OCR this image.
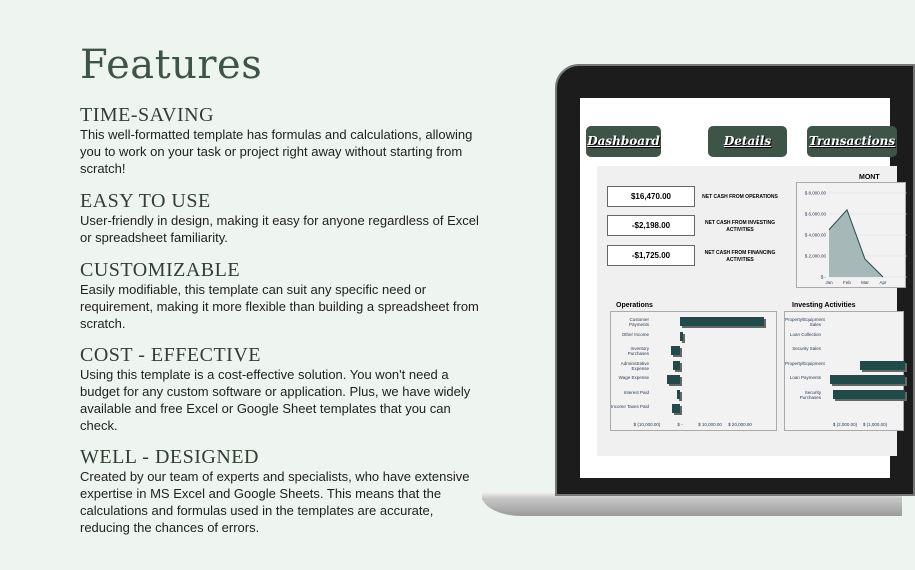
Features
TIME-SAVING

This well-formatted template has formulas and calculations, allowing you to work on your task or project right away without starting from scratch!

EASY TO USE

User-friendly in design, making it easy for anyone regardless of Excel or spreadsheet familiarity.

CUSTOMIZABLE

Easily modifiable, this template can suit any specific need or requirement, making it more flexible than building a spreadsheet from scratch.

COST - EFFECTIVE

Using this template is a cost-effective solution. You won't need a budget for any custom software or application. Plus, we have widely available and free Excel or Google Sheet templates that you can check.

WELL - DESIGNED

Created by our team of experts and specialists, who have extensive expertise in MS Excel and Google Sheets. This means that the calculations and formulas used in the templates are accurate, reducing the chances of errors.

Dashboard	Details	Transactions
$16,470.00	NET CASH FROM OPERATIONS
-$2,198.00	NET CASH FROM INVESTING ACTIVITIES
-$1,725.00	NET CASH FROM FINANCING ACTIVITIES
MONT
$ 8,000.00
$ 6,000.00
$ 4,000.00
$ 2,000.00
$ -
Jan Feb Mar Apr
Operations
Customer Payments
Other Income
Inventory Purchases
Administrative Expense
Wage Expense
Interest Paid
Income Taxes Paid
$ (10,000.00)	$ -	$ 10,000.00	$ 20,000.00
Investing Activities
Property/Equipment Sales
Loan Collection
Security Sales
Property/Equipment
Loan Payments
Security Purchases
$ (2,000.00)	$ (1,000.00)
